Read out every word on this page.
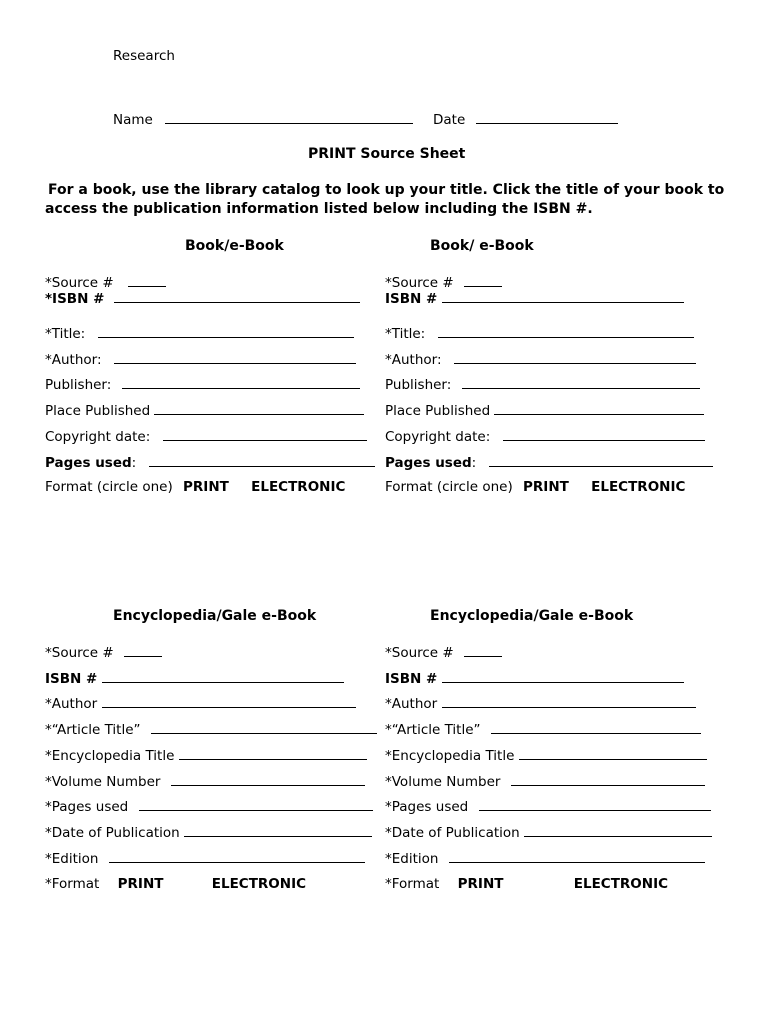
Research
Name	Date
PRINT Source Sheet
For a book, use the library catalog to look up your title. Click the title of your book to
access the publication information listed below including the ISBN #.
Book/e-Book
*Source #
*ISBN #
*Title:
*Author:
Publisher:
Place Published
Copyright date:
Pages used:
Format (circle one) PRINT ELECTRONIC
Book/ e-Book
*Source #
ISBN #
*Title:
*Author:
Publisher:
Place Published
Copyright date:
Pages used:
Format (circle one) PRINT ELECTRONIC
Encyclopedia/Gale e-Book
*Source #
ISBN #
*Author
*“Article Title”
*Encyclopedia Title
*Volume Number
*Pages used
*Date of Publication
*Edition
*Format PRINT	ELECTRONIC
Encyclopedia/Gale e-Book
*Source #
ISBN #
*Author
*“Article Title”
*Encyclopedia Title
*Volume Number
*Pages used
*Date of Publication
*Edition
*Format PRINT	ELECTRONIC
